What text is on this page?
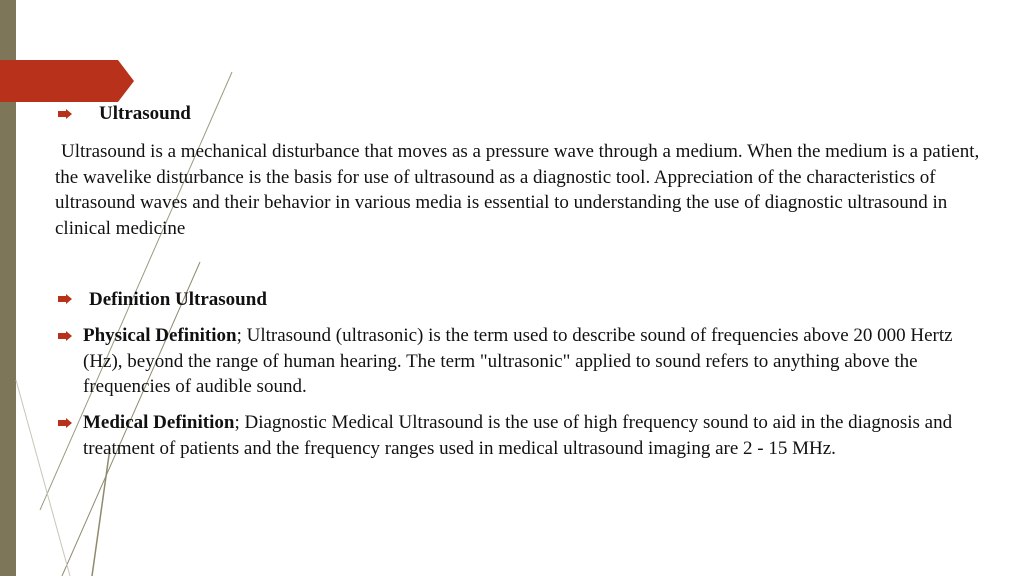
Ultrasound
Ultrasound is a mechanical disturbance that moves as a pressure wave through a medium. When the medium is a patient, the wavelike disturbance is the basis for use of ultrasound as a diagnostic tool. Appreciation of the characteristics of ultrasound waves and their behavior in various media is essential to understanding the use of diagnostic ultrasound in clinical medicine
Definition Ultrasound
Physical Definition; Ultrasound (ultrasonic) is the term used to describe sound of frequencies above 20 000 Hertz (Hz), beyond the range of human hearing. The term "ultrasonic" applied to sound refers to anything above the frequencies of audible sound.
Medical Definition; Diagnostic Medical Ultrasound is the use of high frequency sound to aid in the diagnosis and treatment of patients and the frequency ranges used in medical ultrasound imaging are 2 - 15 MHz.
